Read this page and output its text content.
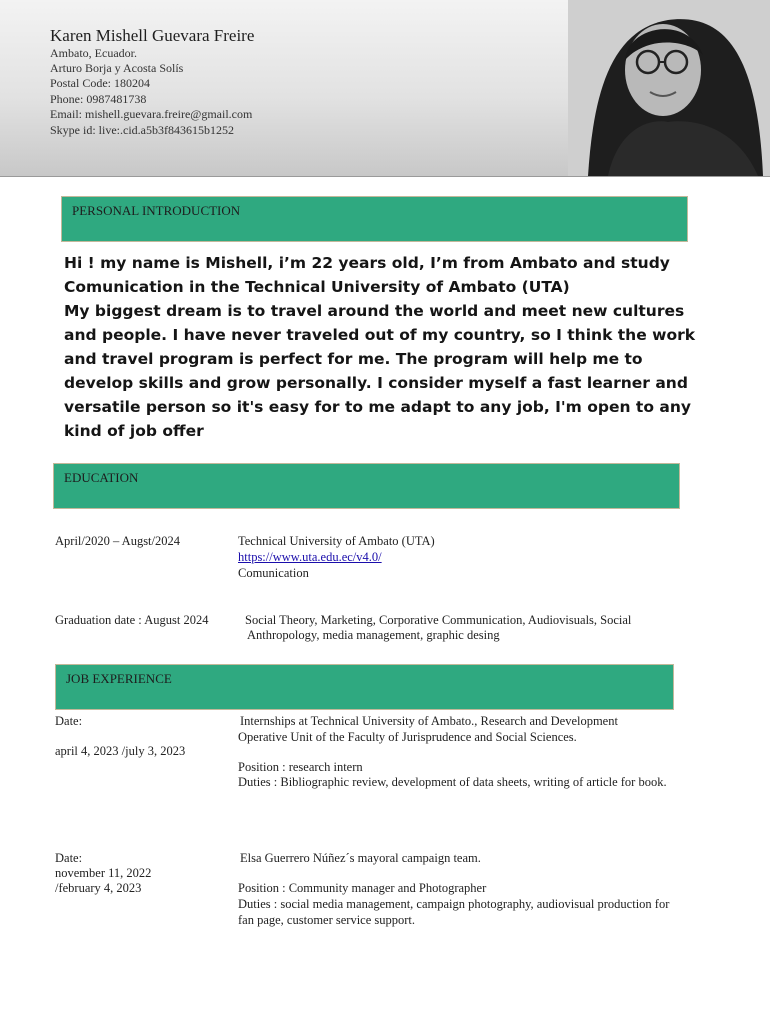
Karen Mishell Guevara Freire
Ambato, Ecuador.
Arturo Borja y Acosta Solís
Postal Code: 180204
Phone: 0987481738
Email: mishell.guevara.freire@gmail.com
Skype id: live:.cid.a5b3f843615b1252
PERSONAL INTRODUCTION

Hi ! my name is Mishell, i’m 22 years old, I’m from Ambato and study Comunication in the Technical University of Ambato (UTA)

My biggest dream is to travel around the world and meet new cultures and people. I have never traveled out of my country, so I think the work and travel program is perfect for me. The program will help me to develop skills and grow personally. I consider myself a fast learner and versatile person so it's easy for to me adapt to any job, I'm open to any kind of job offer

EDUCATION
April/2020 – Augst/2024	Technical University of Ambato (UTA)
https://www.uta.edu.ec/v4.0/
Comunication
Graduation date : August 2024	Social Theory, Marketing, Corporative Communication, Audiovisuals, Social
Anthropology, media management, graphic desing
JOB EXPERIENCE
Date:
april 4, 2023 /july 3, 2023
Internships at Technical University of Ambato., Research and Development
Operative Unit of the Faculty of Jurisprudence and Social Sciences.
Position : research intern
Duties : Bibliographic review, development of data sheets, writing of article for book.
Date:
november 11, 2022
/february 4, 2023
Elsa Guerrero Núñez´s mayoral campaign team.
Position : Community manager and Photographer
Duties : social media management, campaign photography, audiovisual production for fan page, customer service support.
